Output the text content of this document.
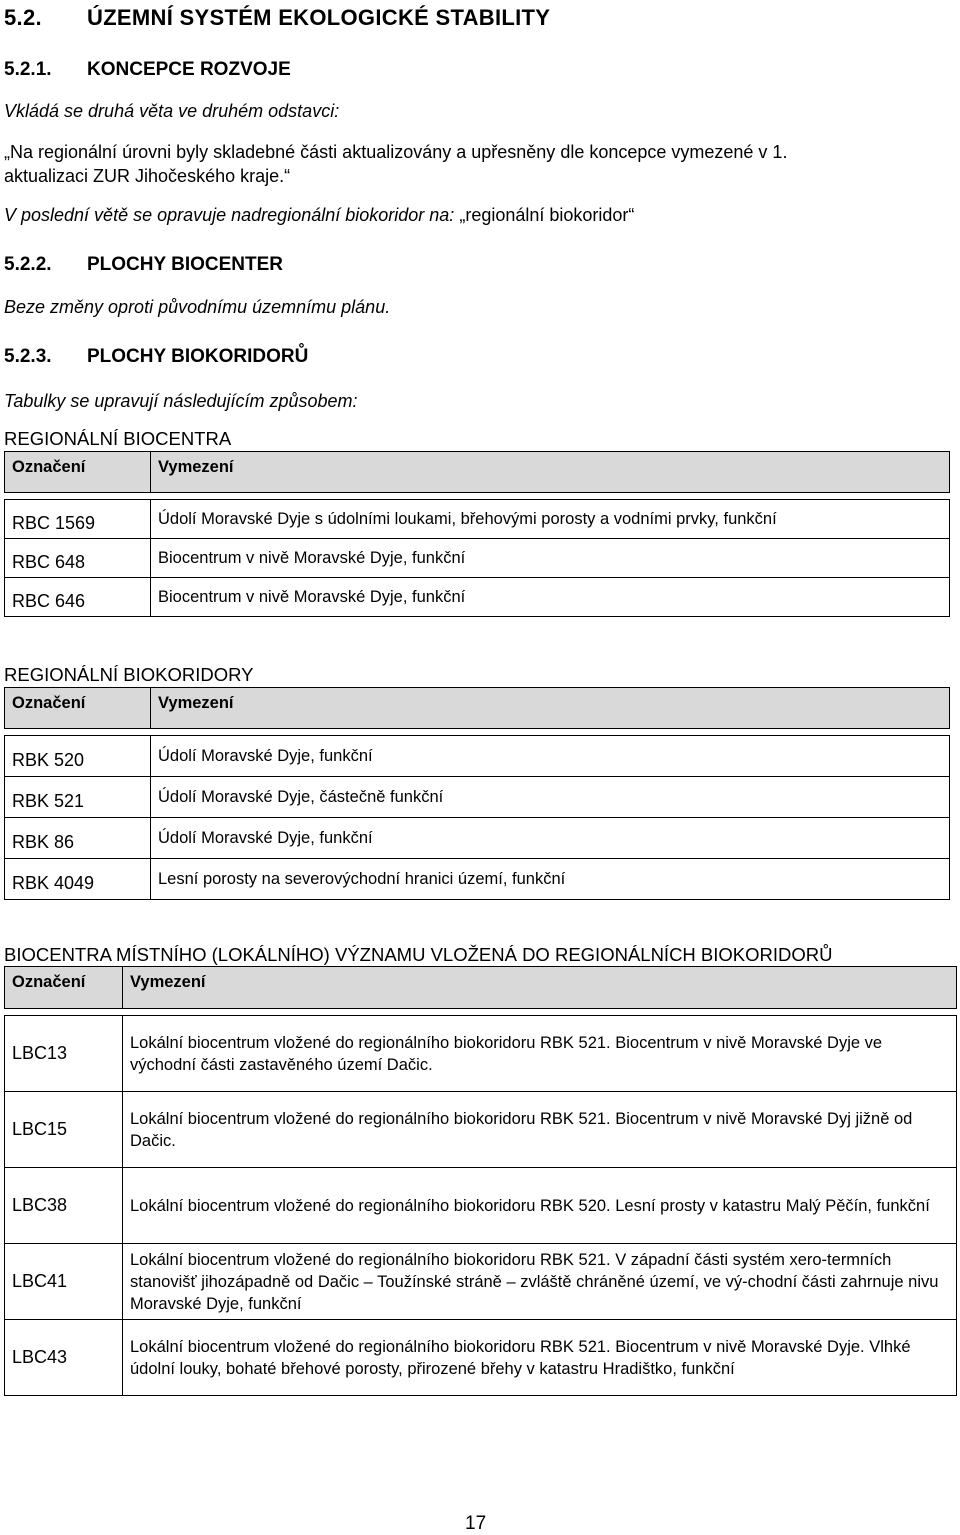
5.2. ÚZEMNÍ SYSTÉM EKOLOGICKÉ STABILITY
5.2.1. KONCEPCE ROZVOJE
Vkládá se druhá věta ve druhém odstavci:
„Na regionální úrovni byly skladebné části aktualizovány a upřesněny dle koncepce vymezené v 1.
aktualizaci ZUR Jihočeského kraje.“
V poslední větě se opravuje nadregionální biokoridor na: „regionální biokoridor“
5.2.2. PLOCHY BIOCENTER
Beze změny oproti původnímu územnímu plánu.
5.2.3. PLOCHY BIOKORIDORŮ
Tabulky se upravují následujícím způsobem:
REGIONÁLNÍ BIOCENTRA
Označení	Vymezení

RBC 1569	Údolí Moravské Dyje s údolními loukami, břehovými porosty a vodními prvky, funkční
RBC 648	Biocentrum v nivě Moravské Dyje, funkční
RBC 646	Biocentrum v nivě Moravské Dyje, funkční
REGIONÁLNÍ BIOKORIDORY
Označení	Vymezení

RBK 520	Údolí Moravské Dyje, funkční
RBK 521	Údolí Moravské Dyje, částečně funkční
RBK 86	Údolí Moravské Dyje, funkční
RBK 4049	Lesní porosty na severovýchodní hranici území, funkční
BIOCENTRA MÍSTNÍHO (LOKÁLNÍHO) VÝZNAMU VLOŽENÁ DO REGIONÁLNÍCH BIOKORIDORŮ
Označení	Vymezení

LBC13	Lokální biocentrum vložené do regionálního biokoridoru RBK 521. Biocentrum v nivě Moravské Dyje ve východní části zastavěného území Dačic.
LBC15	Lokální biocentrum vložené do regionálního biokoridoru RBK 521. Biocentrum v nivě Moravské Dyj jižně od Dačic.
LBC38	Lokální biocentrum vložené do regionálního biokoridoru RBK 520. Lesní prosty v katastru Malý Pěčín, funkční
LBC41	Lokální biocentrum vložené do regionálního biokoridoru RBK 521. V západní části systém xero-termních stanovišť jihozápadně od Dačic – Toužínské stráně – zvláště chráněné území, ve vý-chodní části zahrnuje nivu Moravské Dyje, funkční
LBC43	Lokální biocentrum vložené do regionálního biokoridoru RBK 521. Biocentrum v nivě Moravské Dyje. Vlhké údolní louky, bohaté břehové porosty, přirozené břehy v katastru Hradištko, funkční
17
